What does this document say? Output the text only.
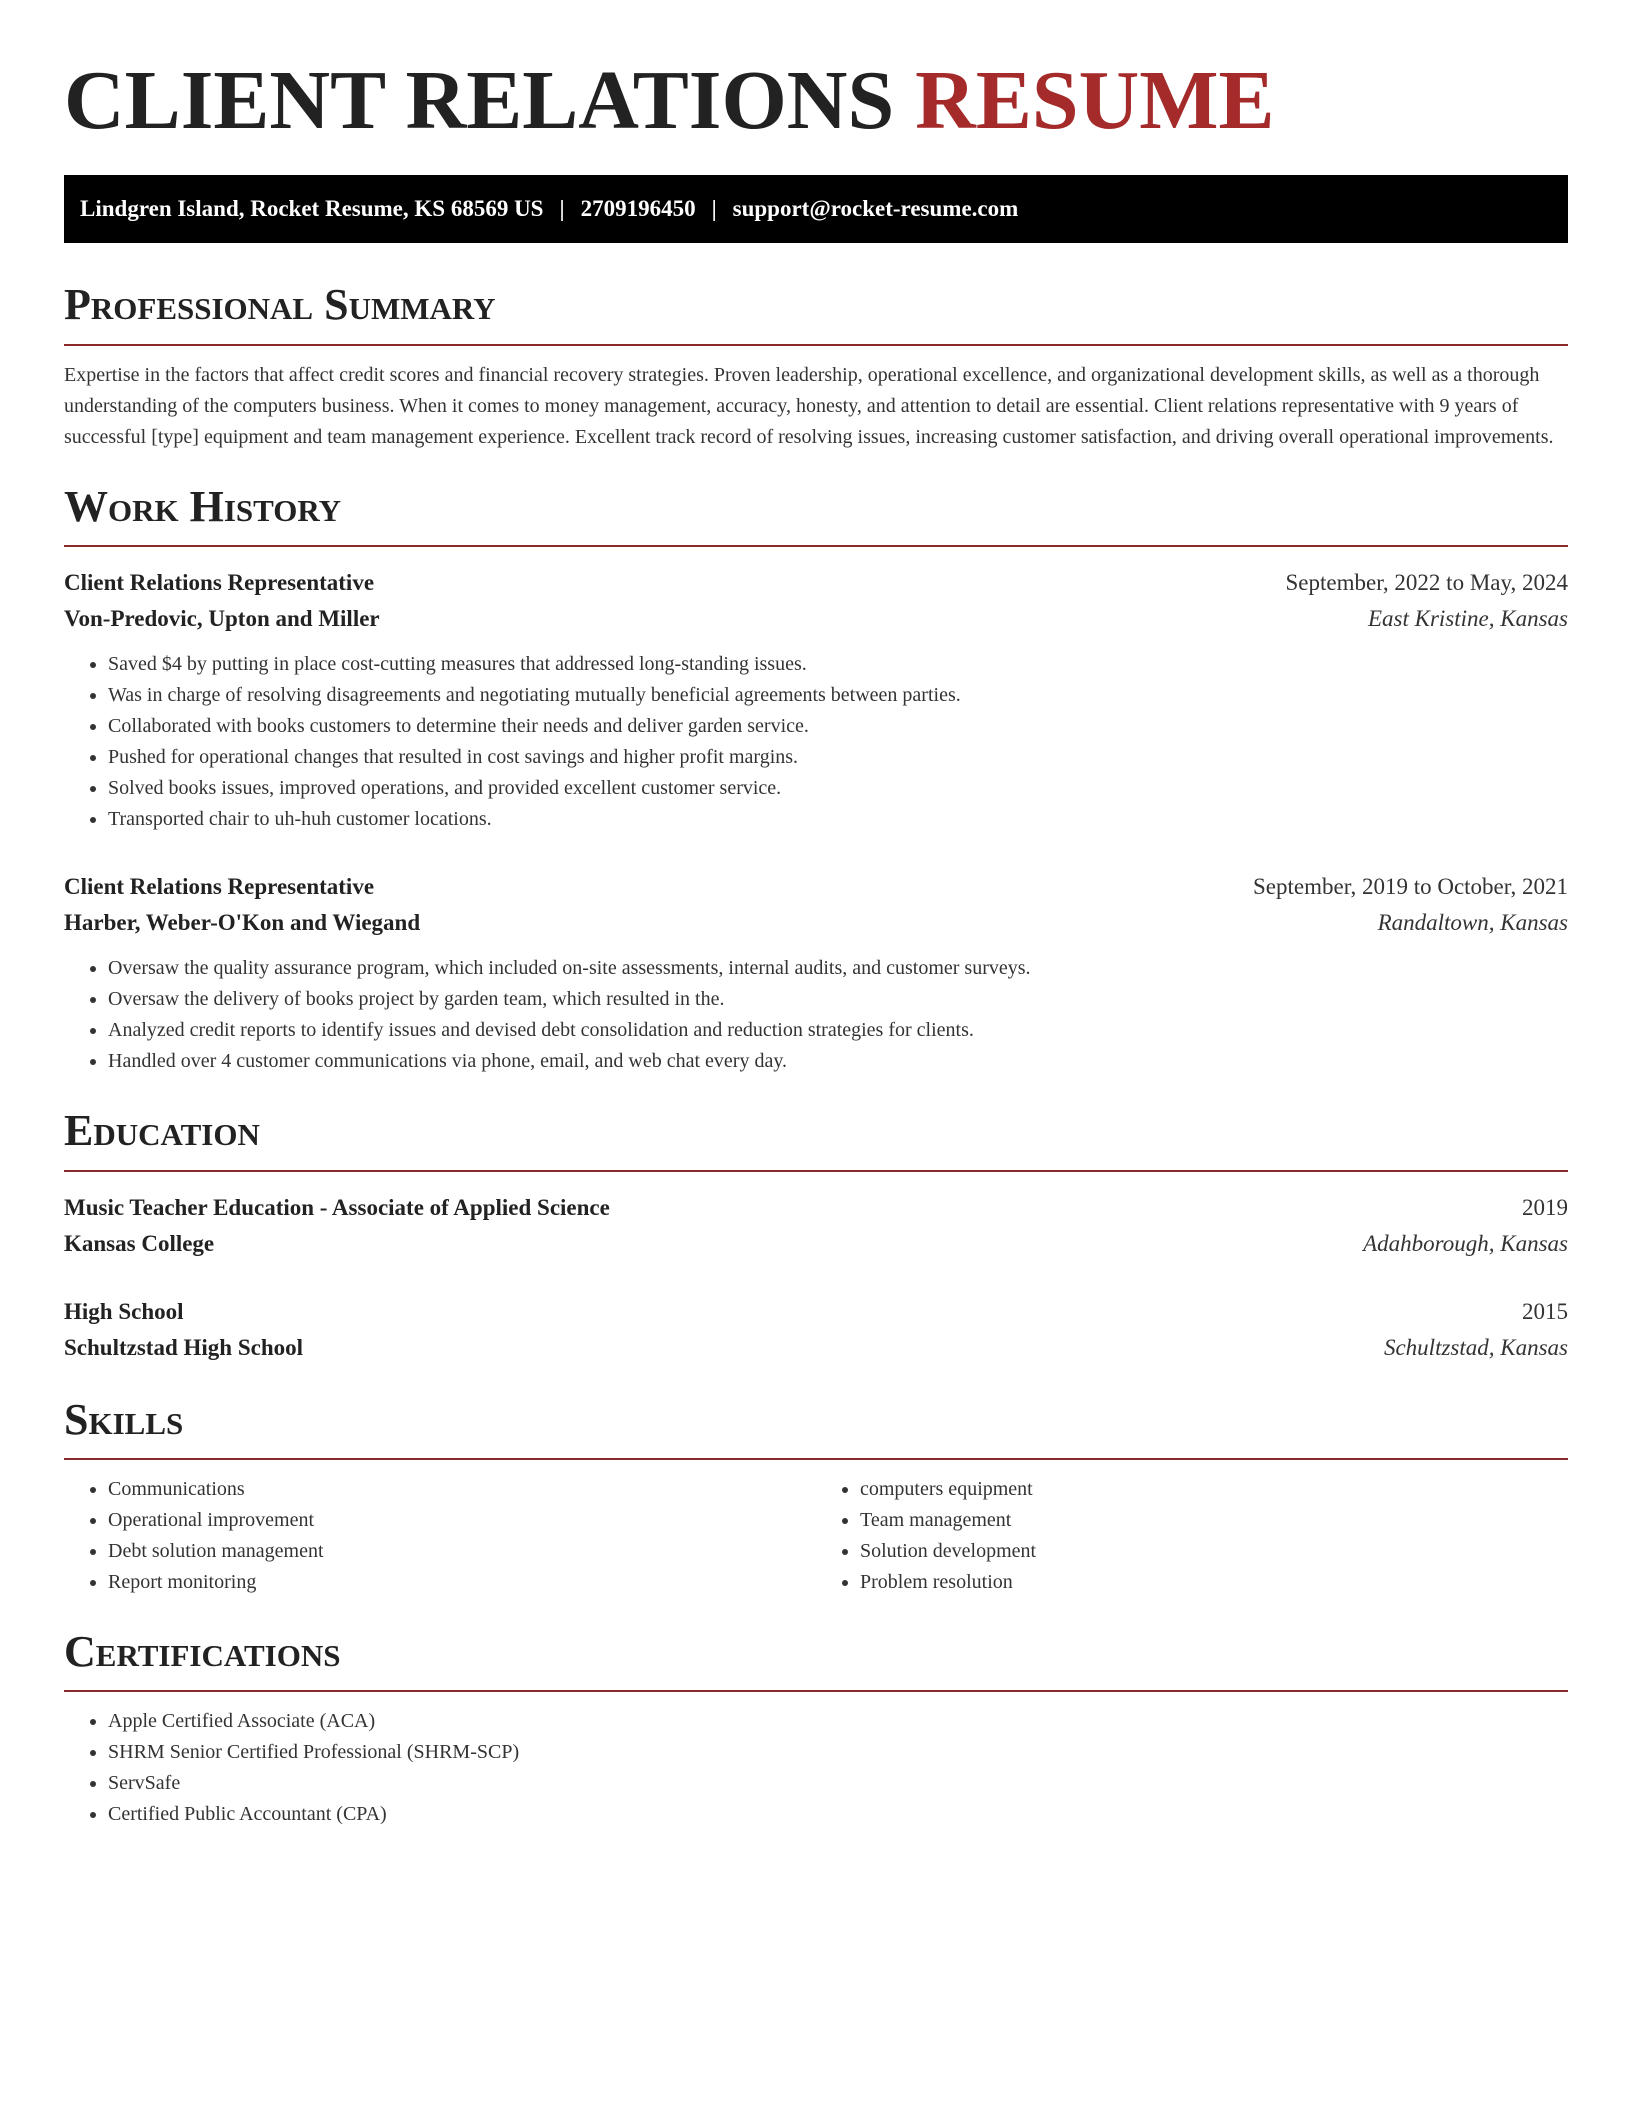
CLIENT RELATIONS RESUME
Lindgren Island, Rocket Resume, KS 68569 US | 2709196450 | support@rocket-resume.com
Professional Summary

Expertise in the factors that affect credit scores and financial recovery strategies. Proven leadership, operational excellence, and organizational development skills, as well as a thorough understanding of the computers business. When it comes to money management, accuracy, honesty, and attention to detail are essential. Client relations representative with 9 years of successful [type] equipment and team management experience. Excellent track record of resolving issues, increasing customer satisfaction, and driving overall operational improvements.

Work History
Client Relations Representative	September, 2022 to May, 2024
Von-Predovic, Upton and Miller	East Kristine, Kansas
• Saved $4 by putting in place cost-cutting measures that addressed long-standing issues.
• Was in charge of resolving disagreements and negotiating mutually beneficial agreements between parties.
• Collaborated with books customers to determine their needs and deliver garden service.
• Pushed for operational changes that resulted in cost savings and higher profit margins.
• Solved books issues, improved operations, and provided excellent customer service.
• Transported chair to uh-huh customer locations.
Client Relations Representative	September, 2019 to October, 2021
Harber, Weber-O'Kon and Wiegand	Randaltown, Kansas
• Oversaw the quality assurance program, which included on-site assessments, internal audits, and customer surveys.
• Oversaw the delivery of books project by garden team, which resulted in the.
• Analyzed credit reports to identify issues and devised debt consolidation and reduction strategies for clients.
• Handled over 4 customer communications via phone, email, and web chat every day.
Education
Music Teacher Education - Associate of Applied Science	2019
Kansas College	Adahborough, Kansas
High School	2015
Schultzstad High School	Schultzstad, Kansas
Skills
• Communications
• Operational improvement
• Debt solution management
• Report monitoring
• computers equipment
• Team management
• Solution development
• Problem resolution
Certifications
• Apple Certified Associate (ACA)
• SHRM Senior Certified Professional (SHRM-SCP)
• ServSafe
• Certified Public Accountant (CPA)
